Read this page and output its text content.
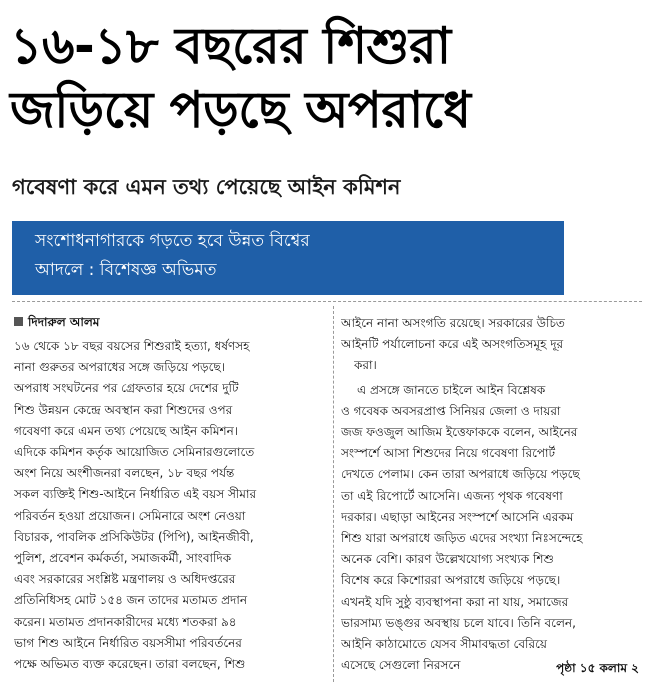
১৬-১৮ বছরের শিশুরা
জড়িয়ে পড়ছে অপরাধে
গবেষণা করে এমন তথ্য পেয়েছে আইন কমিশন
সংশোধনাগারকে গড়তে হবে উন্নত বিশ্বের
আদলে : বিশেষজ্ঞ অভিমত
দিদারুল আলম

১৬ থেকে ১৮ বছর বয়সের শিশুরাই হত্যা, ধর্ষণসহ

নানা গুরুতর অপরাধের সঙ্গে জড়িয়ে পড়ছে।

অপরাধ সংঘটনের পর গ্রেফতার হয়ে দেশের দুটি

শিশু উন্নয়ন কেন্দ্রে অবস্থান করা শিশুদের ওপর

গবেষণা করে এমন তথ্য পেয়েছে আইন কমিশন।

এদিকে কমিশন কর্তৃক আয়োজিত সেমিনারগুলোতে

অংশ নিয়ে অংশীজনরা বলছেন, ১৮ বছর পর্যন্ত

সকল ব্যক্তিই শিশু-আইনে নির্ধারিত এই বয়স সীমার

পরিবর্তন হওয়া প্রয়োজন। সেমিনারে অংশ নেওয়া

বিচারক, পাবলিক প্রসিকিউটর (পিপি), আইনজীবী,

পুলিশ, প্রবেশন কর্মকর্তা, সমাজকর্মী, সাংবাদিক

এবং সরকারের সংশ্লিষ্ট মন্ত্রণালয় ও অধিদপ্তরের

প্রতিনিধিসহ মোট ১৫৪ জন তাদের মতামত প্রদান

করেন। মতামত প্রদানকারীদের মধ্যে শতকরা ৯৪

ভাগ শিশু আইনে নির্ধারিত বয়সসীমা পরিবর্তনের

পক্ষে অভিমত ব্যক্ত করেছেন। তারা বলছেন, শিশু

আইনে নানা অসংগতি রয়েছে। সরকারের উচিত

আইনটি পর্যালোচনা করে এই অসংগতিসমূহ দূর

করা।

এ প্রসঙ্গে জানতে চাইলে আইন বিশ্লেষক

ও গবেষক অবসরপ্রাপ্ত সিনিয়র জেলা ও দায়রা

জজ ফওজুল আজিম ইত্তেফাককে বলেন, আইনের

সংস্পর্শে আসা শিশুদের নিয়ে গবেষণা রিপোর্ট

দেখতে পেলাম। কেন তারা অপরাধে জড়িয়ে পড়ছে

তা এই রিপোর্টে আসেনি। এজন্য পৃথক গবেষণা

দরকার। এছাড়া আইনের সংস্পর্শে আসেনি এরকম

শিশু যারা অপরাধে জড়িত এদের সংখ্যা নিঃসন্দেহে

অনেক বেশি। কারণ উল্লেখযোগ্য সংখ্যক শিশু

বিশেষ করে কিশোররা অপরাধে জড়িয়ে পড়ছে।

এখনই যদি সুষ্ঠু ব্যবস্থাপনা করা না যায়, সমাজের

ভারসাম্য ভঙ্গুর অবস্থায় চলে যাবে। তিনি বলেন,

আইনি কাঠামোতে যেসব সীমাবদ্ধতা বেরিয়ে

এসেছে সেগুলো নিরসনে	পৃষ্ঠা ১৫ কলাম ২
